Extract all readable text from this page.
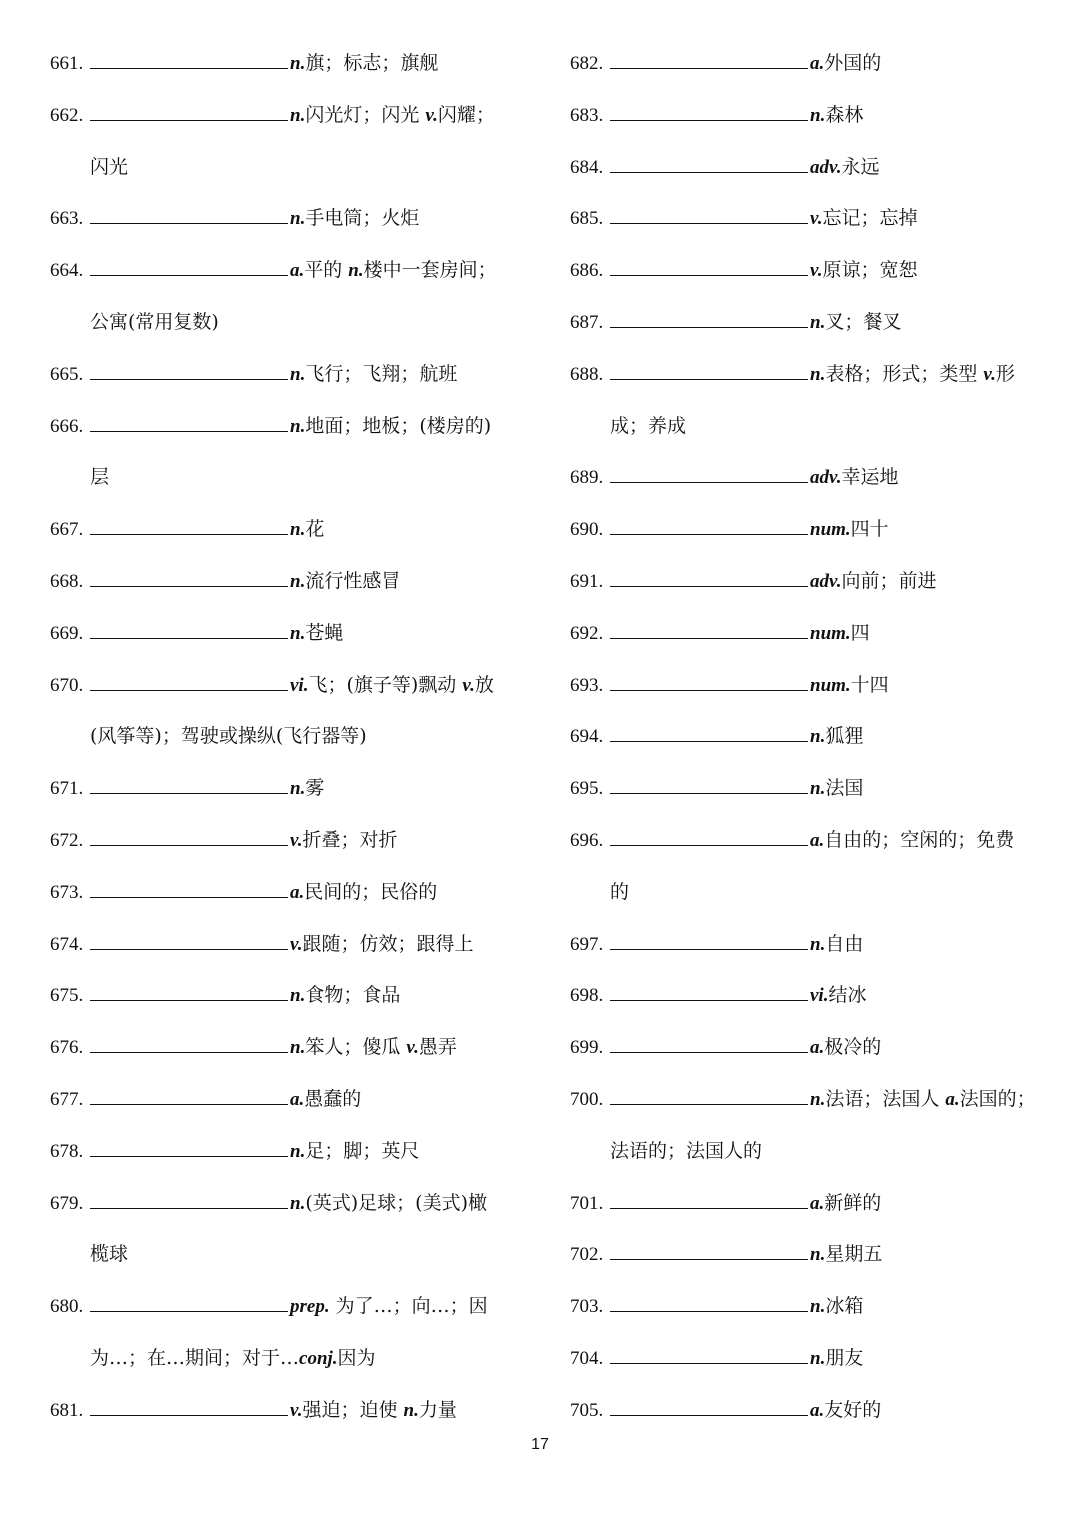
661.	n.旗；标志；旗舰
662.	n.闪光灯；闪光 v.闪耀；
闪光
663.	n.手电筒；火炬
664.	a.平的 n.楼中一套房间；
公寓(常用复数)
665.	n.飞行；飞翔；航班
666.	n.地面；地板；(楼房的)
层
667.	n.花
668.	n.流行性感冒
669.	n.苍蝇
670.	vi.飞；(旗子等)飘动 v.放
(风筝等)；驾驶或操纵(飞行器等)
671.	n.雾
672.	v.折叠；对折
673.	a.民间的；民俗的
674.	v.跟随；仿效；跟得上
675.	n.食物；食品
676.	n.笨人；傻瓜 v.愚弄
677.	a.愚蠢的
678.	n.足；脚；英尺
679.	n.(英式)足球；(美式)橄
榄球
680.	prep. 为了…；向…；因
为…；在…期间；对于…conj.因为
681.	v.强迫；迫使 n.力量
682.	a.外国的
683.	n.森林
684.	adv.永远
685.	v.忘记；忘掉
686.	v.原谅；宽恕
687.	n.叉；餐叉
688.	n.表格；形式；类型 v.形
成；养成
689.	adv.幸运地
690.	num.四十
691.	adv.向前；前进
692.	num.四
693.	num.十四
694.	n.狐狸
695.	n.法国
696.	a.自由的；空闲的；免费
的
697.	n.自由
698.	vi.结冰
699.	a.极冷的
700.	n.法语；法国人 a.法国的；
法语的；法国人的
701.	a.新鲜的
702.	n.星期五
703.	n.冰箱
704.	n.朋友
705.	a.友好的
17
